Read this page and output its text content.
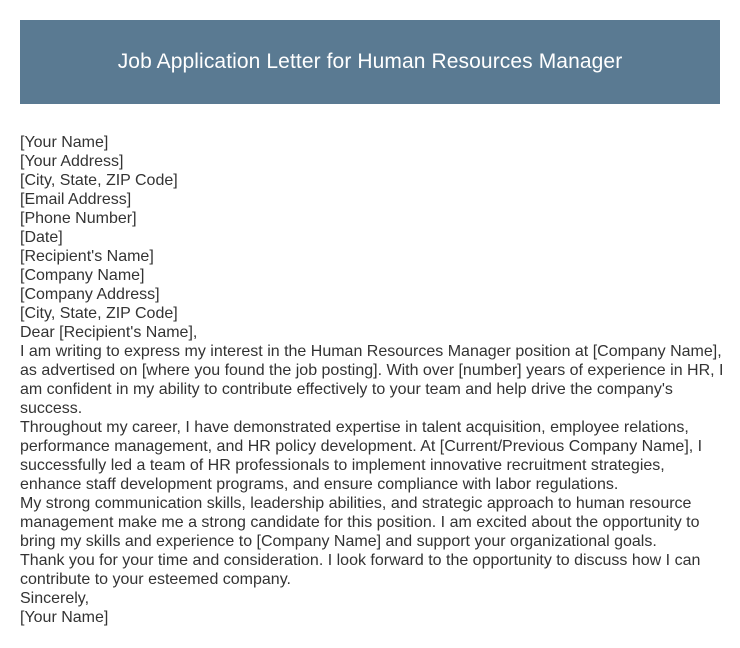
Job Application Letter for Human Resources Manager
[Your Name]
[Your Address]
[City, State, ZIP Code]
[Email Address]
[Phone Number]
[Date]
[Recipient's Name]
[Company Name]
[Company Address]
[City, State, ZIP Code]
Dear [Recipient's Name],
I am writing to express my interest in the Human Resources Manager position at [Company Name],
as advertised on [where you found the job posting]. With over [number] years of experience in HR, I
am confident in my ability to contribute effectively to your team and help drive the company's
success.
Throughout my career, I have demonstrated expertise in talent acquisition, employee relations,
performance management, and HR policy development. At [Current/Previous Company Name], I
successfully led a team of HR professionals to implement innovative recruitment strategies,
enhance staff development programs, and ensure compliance with labor regulations.
My strong communication skills, leadership abilities, and strategic approach to human resource
management make me a strong candidate for this position. I am excited about the opportunity to
bring my skills and experience to [Company Name] and support your organizational goals.
Thank you for your time and consideration. I look forward to the opportunity to discuss how I can
contribute to your esteemed company.
Sincerely,
[Your Name]
